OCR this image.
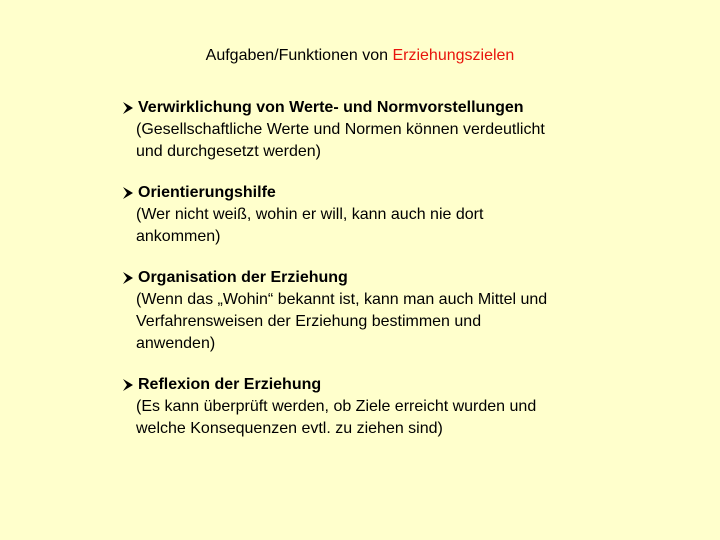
Aufgaben/Funktionen von Erziehungszielen
Verwirklichung von Werte- und Normvorstellungen
(Gesellschaftliche Werte und Normen können verdeutlicht
und durchgesetzt werden)
Orientierungshilfe
(Wer nicht weiß, wohin er will, kann auch nie dort
ankommen)
Organisation der Erziehung
(Wenn das „Wohin“ bekannt ist, kann man auch Mittel und
Verfahrensweisen der Erziehung bestimmen und
anwenden)
Reflexion der Erziehung
(Es kann überprüft werden, ob Ziele erreicht wurden und
welche Konsequenzen evtl. zu ziehen sind)
